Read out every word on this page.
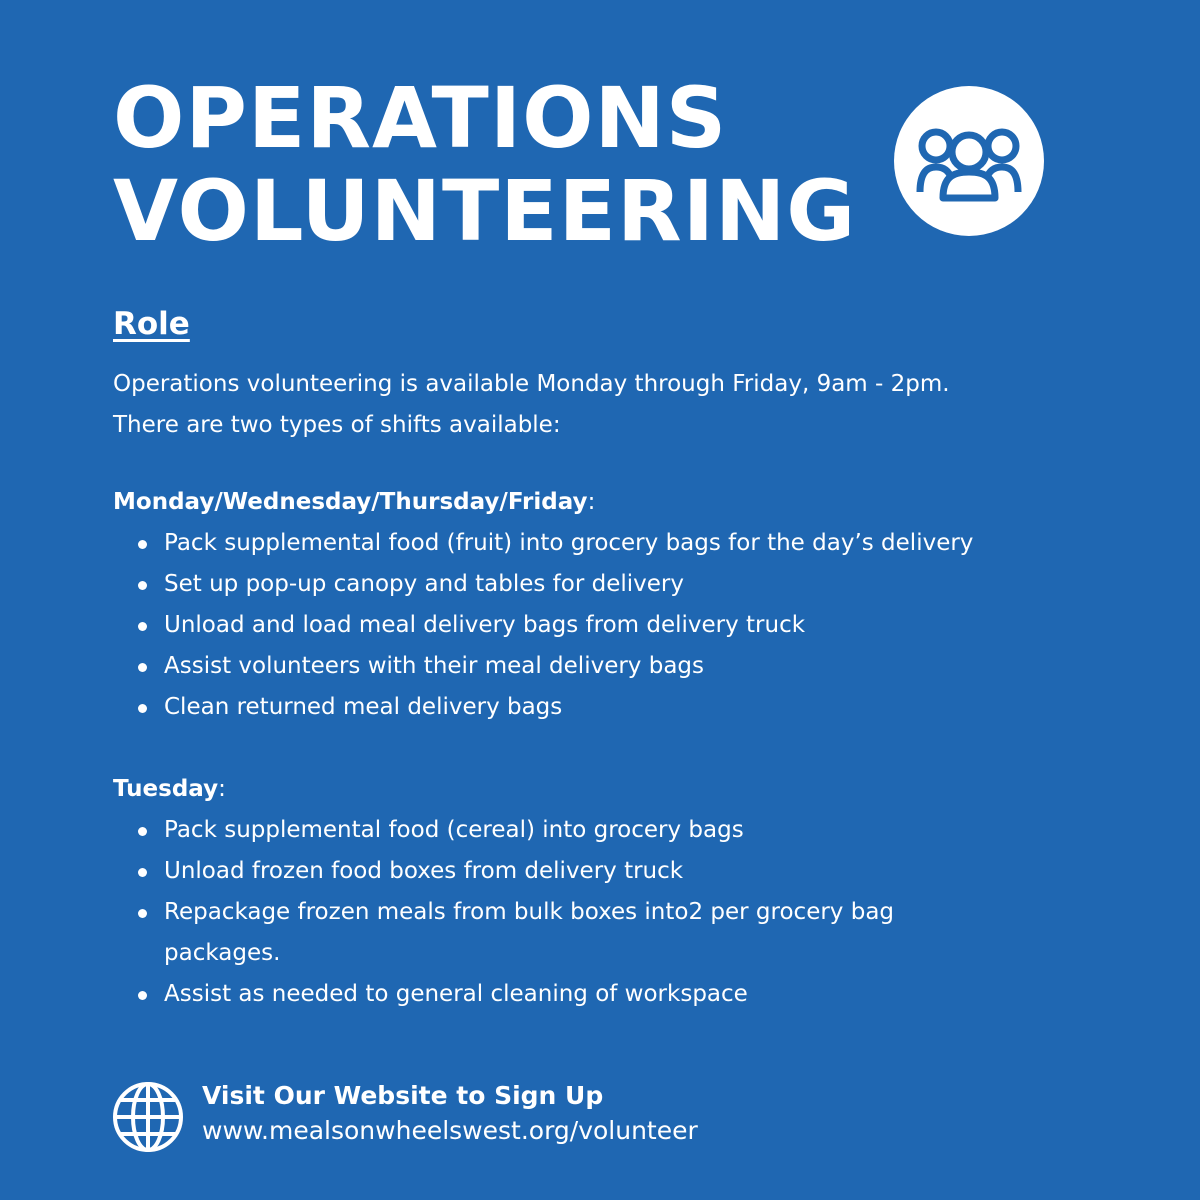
OPERATIONS
VOLUNTEERING
Role

Operations volunteering is available Monday through Friday, 9am - 2pm.
There are two types of shifts available:

Monday/Wednesday/Thursday/Friday:

Pack supplemental food (fruit) into grocery bags for the day’s delivery
Set up pop-up canopy and tables for delivery
Unload and load meal delivery bags from delivery truck
Assist volunteers with their meal delivery bags
Clean returned meal delivery bags

Tuesday:

Pack supplemental food (cereal) into grocery bags
Unload frozen food boxes from delivery truck
Repackage frozen meals from bulk boxes into2 per grocery bag packages.
Assist as needed to general cleaning of workspace

Visit Our Website to Sign Up
www.mealsonwheelswest.org/volunteer
